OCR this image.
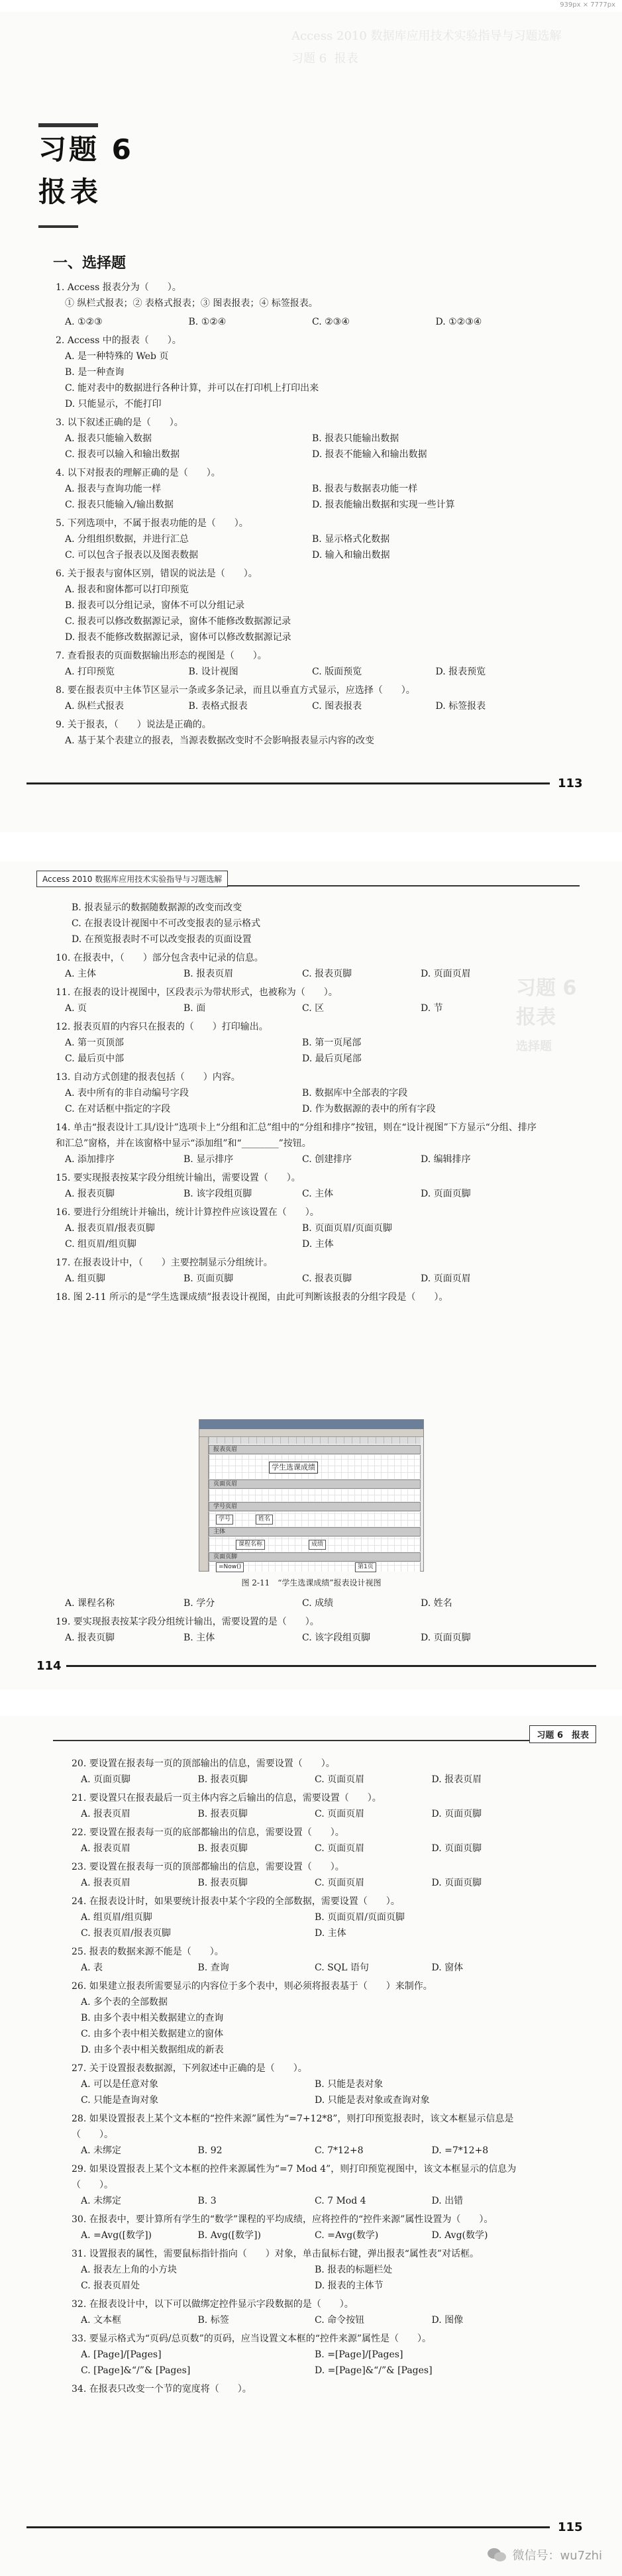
939px × 7777px
Access 2010 数据库应用技术实验指导与习题选解
习题 6  报表
习题 6
报表
一、选择题
1. Access 报表分为（　　）。
① 纵栏式报表；② 表格式报表；③ 图表报表；④ 标签报表。
A. ①②③	B. ①②④	C. ②③④	D. ①②③④
2. Access 中的报表（　　）。
A. 是一种特殊的 Web 页
B. 是一种查询
C. 能对表中的数据进行各种计算，并可以在打印机上打印出来
D. 只能显示，不能打印
3. 以下叙述正确的是（　　）。
A. 报表只能输入数据	B. 报表只能输出数据
C. 报表可以输入和输出数据	D. 报表不能输入和输出数据
4. 以下对报表的理解正确的是（　　）。
A. 报表与查询功能一样	B. 报表与数据表功能一样
C. 报表只能输入/输出数据	D. 报表能输出数据和实现一些计算
5. 下列选项中，不属于报表功能的是（　　）。
A. 分组组织数据，并进行汇总	B. 显示格式化数据
C. 可以包含子报表以及图表数据	D. 输入和输出数据
6. 关于报表与窗体区别，错误的说法是（　　）。
A. 报表和窗体都可以打印预览
B. 报表可以分组记录，窗体不可以分组记录
C. 报表可以修改数据源记录，窗体不能修改数据源记录
D. 报表不能修改数据源记录，窗体可以修改数据源记录
7. 查看报表的页面数据输出形态的视图是（　　）。
A. 打印预览	B. 设计视图	C. 版面预览	D. 报表预览
8. 要在报表页中主体节区显示一条或多条记录，而且以垂直方式显示，应选择（　　）。
A. 纵栏式报表	B. 表格式报表	C. 图表报表	D. 标签报表
9. 关于报表，（　　）说法是正确的。
A. 基于某个表建立的报表，当源表数据改变时不会影响报表显示内容的改变
113
Access 2010 数据库应用技术实验指导与习题选解
习题 6
报表
选择题
B. 报表显示的数据随数据源的改变而改变
C. 在报表设计视图中不可改变报表的显示格式
D. 在预览报表时不可以改变报表的页面设置
10. 在报表中，（　　）部分包含表中记录的信息。
A. 主体	B. 报表页眉	C. 报表页脚	D. 页面页眉
11. 在报表的设计视图中，区段表示为带状形式，也被称为（　　）。
A. 页	B. 面	C. 区	D. 节
12. 报表页眉的内容只在报表的（　　）打印输出。
A. 第一页顶部	B. 第一页尾部
C. 最后页中部	D. 最后页尾部
13. 自动方式创建的报表包括（　　）内容。
A. 表中所有的非自动编号字段	B. 数据库中全部表的字段
C. 在对话框中指定的字段	D. 作为数据源的表中的所有字段
14. 单击“报表设计工具/设计”选项卡上“分组和汇总”组中的“分组和排序”按钮，则在“设计视图”下方显示“分组、排序和汇总”窗格，并在该窗格中显示“添加组”和“________”按钮。
A. 添加排序	B. 显示排序	C. 创建排序	D. 编辑排序
15. 要实现报表按某字段分组统计输出，需要设置（　　）。
A. 报表页脚	B. 该字段组页脚	C. 主体	D. 页面页脚
16. 要进行分组统计并输出，统计计算控件应该设置在（　　）。
A. 报表页眉/报表页脚	B. 页面页眉/页面页脚
C. 组页眉/组页脚	D. 主体
17. 在报表设计中，（　　）主要控制显示分组统计。
A. 组页脚	B. 页面页脚	C. 报表页脚	D. 页面页眉
18. 图 2-11 所示的是“学生选课成绩”报表设计视图，由此可判断该报表的分组字段是（　　）。
报表页眉
学生选课成绩
页面页眉
学号页眉
学号	姓名
主体
课程名称	成绩
页面页脚
=Now()	第1页
图 2-11　“学生选课成绩”报表设计视图
A. 课程名称	B. 学分	C. 成绩	D. 姓名
19. 要实现报表按某字段分组统计输出，需要设置的是（　　）。
A. 报表页脚	B. 主体	C. 该字段组页脚	D. 页面页脚
114
习题 6　报表
20. 要设置在报表每一页的顶部输出的信息，需要设置（　　）。
A. 页面页脚	B. 报表页脚	C. 页面页眉	D. 报表页眉
21. 要设置只在报表最后一页主体内容之后输出的信息，需要设置（　　）。
A. 报表页眉	B. 报表页脚	C. 页面页眉	D. 页面页脚
22. 要设置在报表每一页的底部都输出的信息，需要设置（　　）。
A. 报表页眉	B. 报表页脚	C. 页面页眉	D. 页面页脚
23. 要设置在报表每一页的顶部都输出的信息，需要设置（　　）。
A. 报表页眉	B. 报表页脚	C. 页面页眉	D. 页面页脚
24. 在报表设计时，如果要统计报表中某个字段的全部数据，需要设置（　　）。
A. 组页眉/组页脚	B. 页面页眉/页面页脚
C. 报表页眉/报表页脚	D. 主体
25. 报表的数据来源不能是（　　）。
A. 表	B. 查询	C. SQL 语句	D. 窗体
26. 如果建立报表所需要显示的内容位于多个表中，则必须将报表基于（　　）来制作。
A. 多个表的全部数据
B. 由多个表中相关数据建立的查询
C. 由多个表中相关数据建立的窗体
D. 由多个表中相关数据组成的新表
27. 关于设置报表数据源，下列叙述中正确的是（　　）。
A. 可以是任意对象	B. 只能是表对象
C. 只能是查询对象	D. 只能是表对象或查询对象
28. 如果设置报表上某个文本框的“控件来源”属性为“=7+12*8”，则打印预览报表时，该文本框显示信息是（　　）。
A. 未绑定	B. 92	C. 7*12+8	D. =7*12+8
29. 如果设置报表上某个文本框的控件来源属性为“=7 Mod 4”，则打印预览视图中，该文本框显示的信息为（　　）。
A. 未绑定	B. 3	C. 7 Mod 4	D. 出错
30. 在报表中，要计算所有学生的“数学”课程的平均成绩，应将控件的“控件来源”属性设置为（　　）。
A. =Avg([数学])	B. Avg([数学])	C. =Avg(数学)	D. Avg(数学)
31. 设置报表的属性，需要鼠标指针指向（　　）对象，单击鼠标右键，弹出报表“属性表”对话框。
A. 报表左上角的小方块	B. 报表的标题栏处
C. 报表页眉处	D. 报表的主体节
32. 在报表设计中，以下可以做绑定控件显示字段数据的是（　　）。
A. 文本框	B. 标签	C. 命令按钮	D. 图像
33. 要显示格式为“页码/总页数”的页码，应当设置文本框的“控件来源”属性是（　　）。
A. [Page]/[Pages]	B. =[Page]/[Pages]
C. [Page]&“/”& [Pages]	D. =[Page]&“/”& [Pages]
34. 在报表只改变一个节的宽度将（　　）。
115
微信号：wu7zhi
